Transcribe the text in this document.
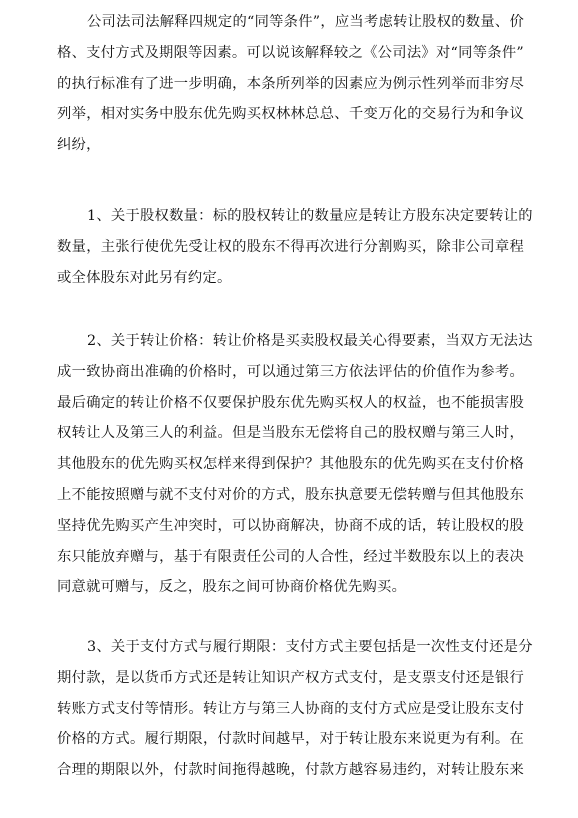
公司法司法解释四规定的“同等条件”，应当考虑转让股权的数量、价
格、支付方式及期限等因素。可以说该解释较之《公司法》对“同等条件”
的执行标准有了进一步明确，本条所列举的因素应为例示性列举而非穷尽
列举，相对实务中股东优先购买权林林总总、千变万化的交易行为和争议
纠纷，

1、关于股权数量：标的股权转让的数量应是转让方股东决定要转让的
数量，主张行使优先受让权的股东不得再次进行分割购买，除非公司章程
或全体股东对此另有约定。

2、关于转让价格：转让价格是买卖股权最关心得要素，当双方无法达
成一致协商出准确的价格时，可以通过第三方依法评估的价值作为参考。
最后确定的转让价格不仅要保护股东优先购买权人的权益，也不能损害股
权转让人及第三人的利益。但是当股东无偿将自己的股权赠与第三人时，
其他股东的优先购买权怎样来得到保护？其他股东的优先购买在支付价格
上不能按照赠与就不支付对价的方式，股东执意要无偿转赠与但其他股东
坚持优先购买产生冲突时，可以协商解决，协商不成的话，转让股权的股
东只能放弃赠与，基于有限责任公司的人合性，经过半数股东以上的表决
同意就可赠与，反之，股东之间可协商价格优先购买。

3、关于支付方式与履行期限：支付方式主要包括是一次性支付还是分
期付款，是以货币方式还是转让知识产权方式支付，是支票支付还是银行
转账方式支付等情形。转让方与第三人协商的支付方式应是受让股东支付
价格的方式。履行期限，付款时间越早，对于转让股东来说更为有利。在
合理的期限以外，付款时间拖得越晚，付款方越容易违约，对转让股东来
